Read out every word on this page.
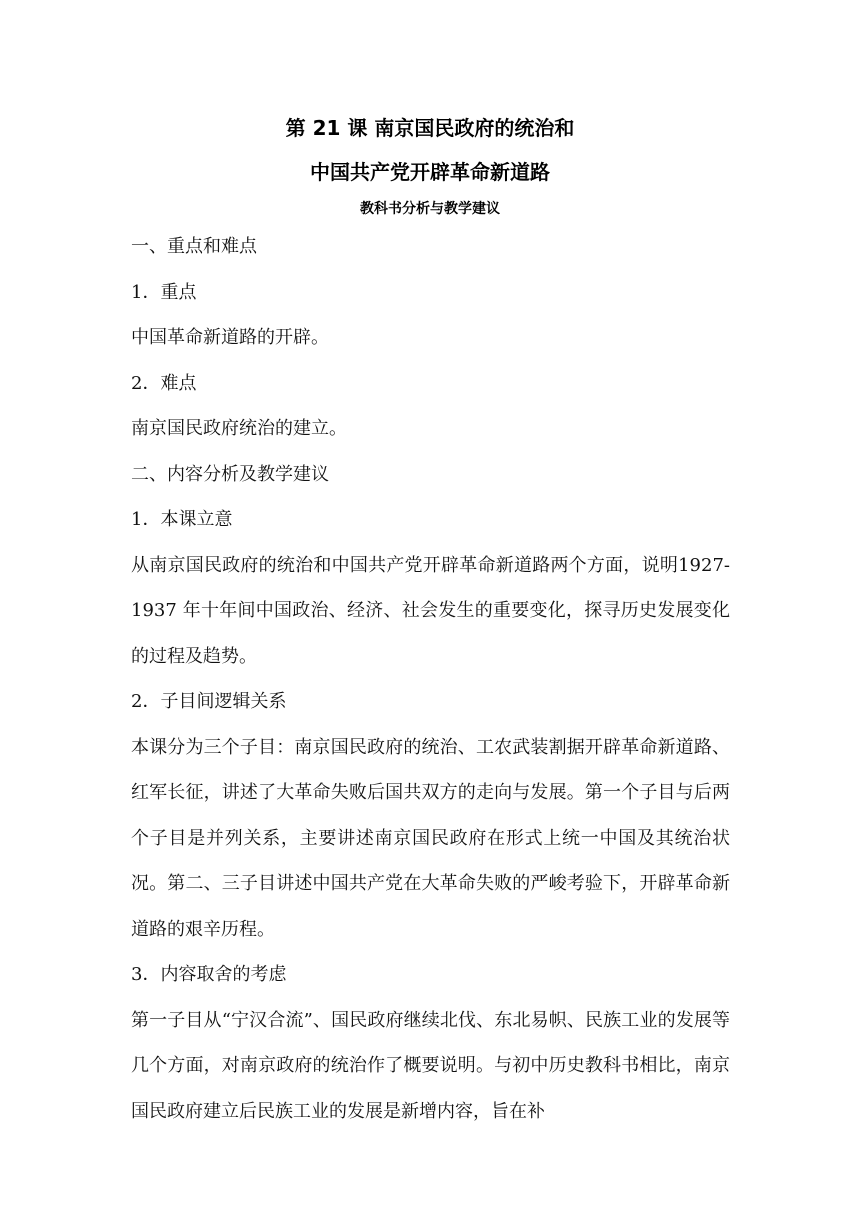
第 21 课 南京国民政府的统治和
中国共产党开辟革命新道路
教科书分析与教学建议

一、重点和难点

1．重点

中国革命新道路的开辟。

2．难点

南京国民政府统治的建立。

二、内容分析及教学建议

1．本课立意

从南京国民政府的统治和中国共产党开辟革命新道路两个方面，说明1927-1937 年十年间中国政治、经济、社会发生的重要变化，探寻历史发展变化的过程及趋势。

2．子目间逻辑关系

本课分为三个子目：南京国民政府的统治、工农武装割据开辟革命新道路、红军长征，讲述了大革命失败后国共双方的走向与发展。第一个子目与后两个子目是并列关系，主要讲述南京国民政府在形式上统一中国及其统治状况。第二、三子目讲述中国共产党在大革命失败的严峻考验下，开辟革命新道路的艰辛历程。

3．内容取舍的考虑

第一子目从“宁汉合流”、国民政府继续北伐、东北易帜、民族工业的发展等几个方面，对南京政府的统治作了概要说明。与初中历史教科书相比，南京国民政府建立后民族工业的发展是新增内容，旨在补
